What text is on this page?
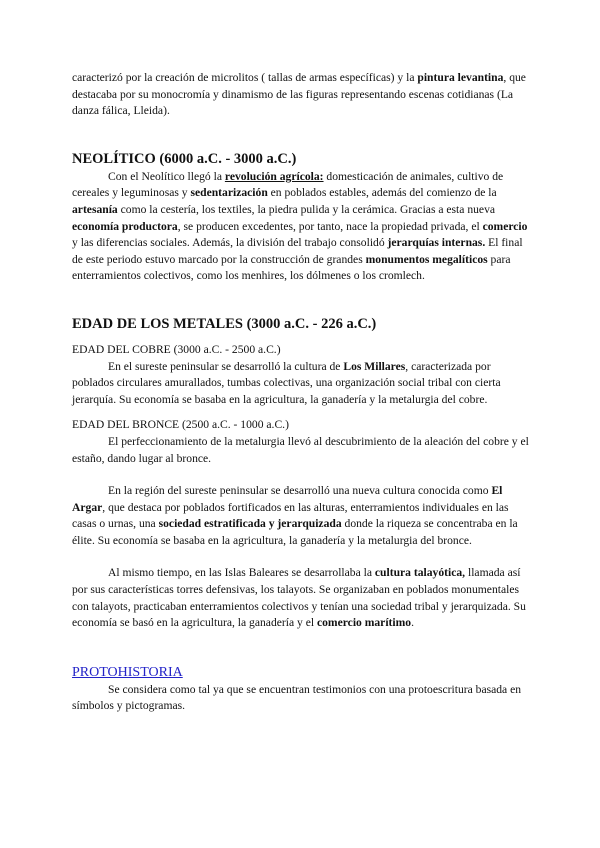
caracterizó por la creación de microlitos ( tallas de armas específicas) y la pintura levantina, que destacaba por su monocromía y dinamismo de las figuras representando escenas cotidianas (La danza fálica, Lleida).

NEOLÍTICO (6000 a.C. - 3000 a.C.)

Con el Neolítico llegó la revolución agrícola: domesticación de animales, cultivo de cereales y leguminosas y sedentarización en poblados estables, además del comienzo de la artesanía como la cestería, los textiles, la piedra pulida y la cerámica. Gracias a esta nueva economía productora, se producen excedentes, por tanto, nace la propiedad privada, el comercio y las diferencias sociales. Además, la división del trabajo consolidó jerarquías internas. El final de este periodo estuvo marcado por la construcción de grandes monumentos megalíticos para enterramientos colectivos, como los menhires, los dólmenes o los cromlech.

EDAD DE LOS METALES (3000 a.C. - 226 a.C.)

EDAD DEL COBRE (3000 a.C. - 2500 a.C.)

En el sureste peninsular se desarrolló la cultura de Los Millares, caracterizada por poblados circulares amurallados, tumbas colectivas, una organización social tribal con cierta jerarquía. Su economía se basaba en la agricultura, la ganadería y la metalurgia del cobre.

EDAD DEL BRONCE (2500 a.C. - 1000 a.C.)

El perfeccionamiento de la metalurgia llevó al descubrimiento de la aleación del cobre y el estaño, dando lugar al bronce.

En la región del sureste peninsular se desarrolló una nueva cultura conocida como El Argar, que destaca por poblados fortificados en las alturas, enterramientos individuales en las casas o urnas, una sociedad estratificada y jerarquizada donde la riqueza se concentraba en la élite. Su economía se basaba en la agricultura, la ganadería y la metalurgia del bronce.

Al mismo tiempo, en las Islas Baleares se desarrollaba la cultura talayótica, llamada así por sus características torres defensivas, los talayots. Se organizaban en poblados monumentales con talayots, practicaban enterramientos colectivos y tenían una sociedad tribal y jerarquizada. Su economía se basó en la agricultura, la ganadería y el comercio marítimo.

PROTOHISTORIA

Se considera como tal ya que se encuentran testimonios con una protoescritura basada en símbolos y pictogramas.
